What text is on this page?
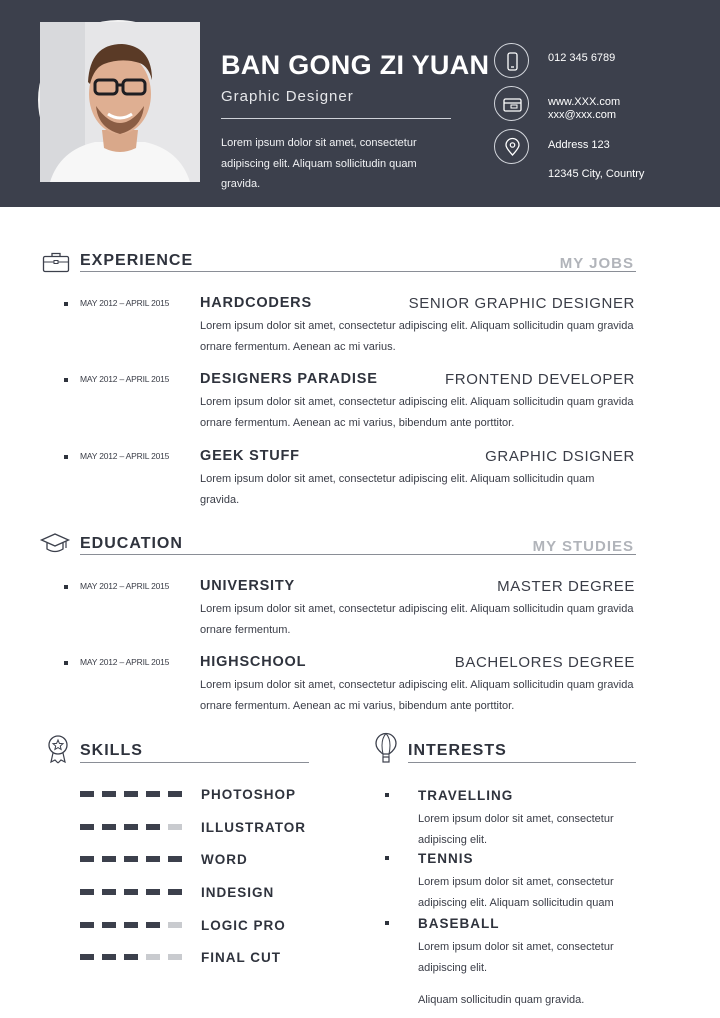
BAN GONG ZI YUAN
Graphic Designer
Lorem ipsum dolor sit amet, consectetur adipiscing elit. Aliquam sollicitudin quam gravida.
012 345 6789
www.XXX.com
xxx@xxx.com
Address 123
12345 City, Country
EXPERIENCE	MY JOBS
MAY 2012 – APRIL 2015 HARDCODERS	SENIOR GRAPHIC DESIGNER
Lorem ipsum dolor sit amet, consectetur adipiscing elit. Aliquam sollicitudin quam gravida ornare fermentum. Aenean ac mi varius.
MAY 2012 – APRIL 2015 DESIGNERS PARADISE	FRONTEND DEVELOPER
Lorem ipsum dolor sit amet, consectetur adipiscing elit. Aliquam sollicitudin quam gravida ornare fermentum. Aenean ac mi varius, bibendum ante porttitor.
MAY 2012 – APRIL 2015 GEEK STUFF	GRAPHIC DSIGNER
Lorem ipsum dolor sit amet, consectetur adipiscing elit. Aliquam sollicitudin quam gravida.
EDUCATION	MY STUDIES
MAY 2012 – APRIL 2015 UNIVERSITY	MASTER DEGREE
Lorem ipsum dolor sit amet, consectetur adipiscing elit. Aliquam sollicitudin quam gravida ornare fermentum.
MAY 2012 – APRIL 2015 HIGHSCHOOL	BACHELORES DEGREE
Lorem ipsum dolor sit amet, consectetur adipiscing elit. Aliquam sollicitudin quam gravida ornare fermentum. Aenean ac mi varius, bibendum ante porttitor.
SKILLS
PHOTOSHOP
ILLUSTRATOR
WORD
INDESIGN
LOGIC PRO
FINAL CUT
INTERESTS
TRAVELLING
Lorem ipsum dolor sit amet, consectetur adipiscing elit.
TENNIS
Lorem ipsum dolor sit amet, consectetur adipiscing elit. Aliquam sollicitudin quam
BASEBALL
Lorem ipsum dolor sit amet, consectetur adipiscing elit.
Aliquam sollicitudin quam gravida.
